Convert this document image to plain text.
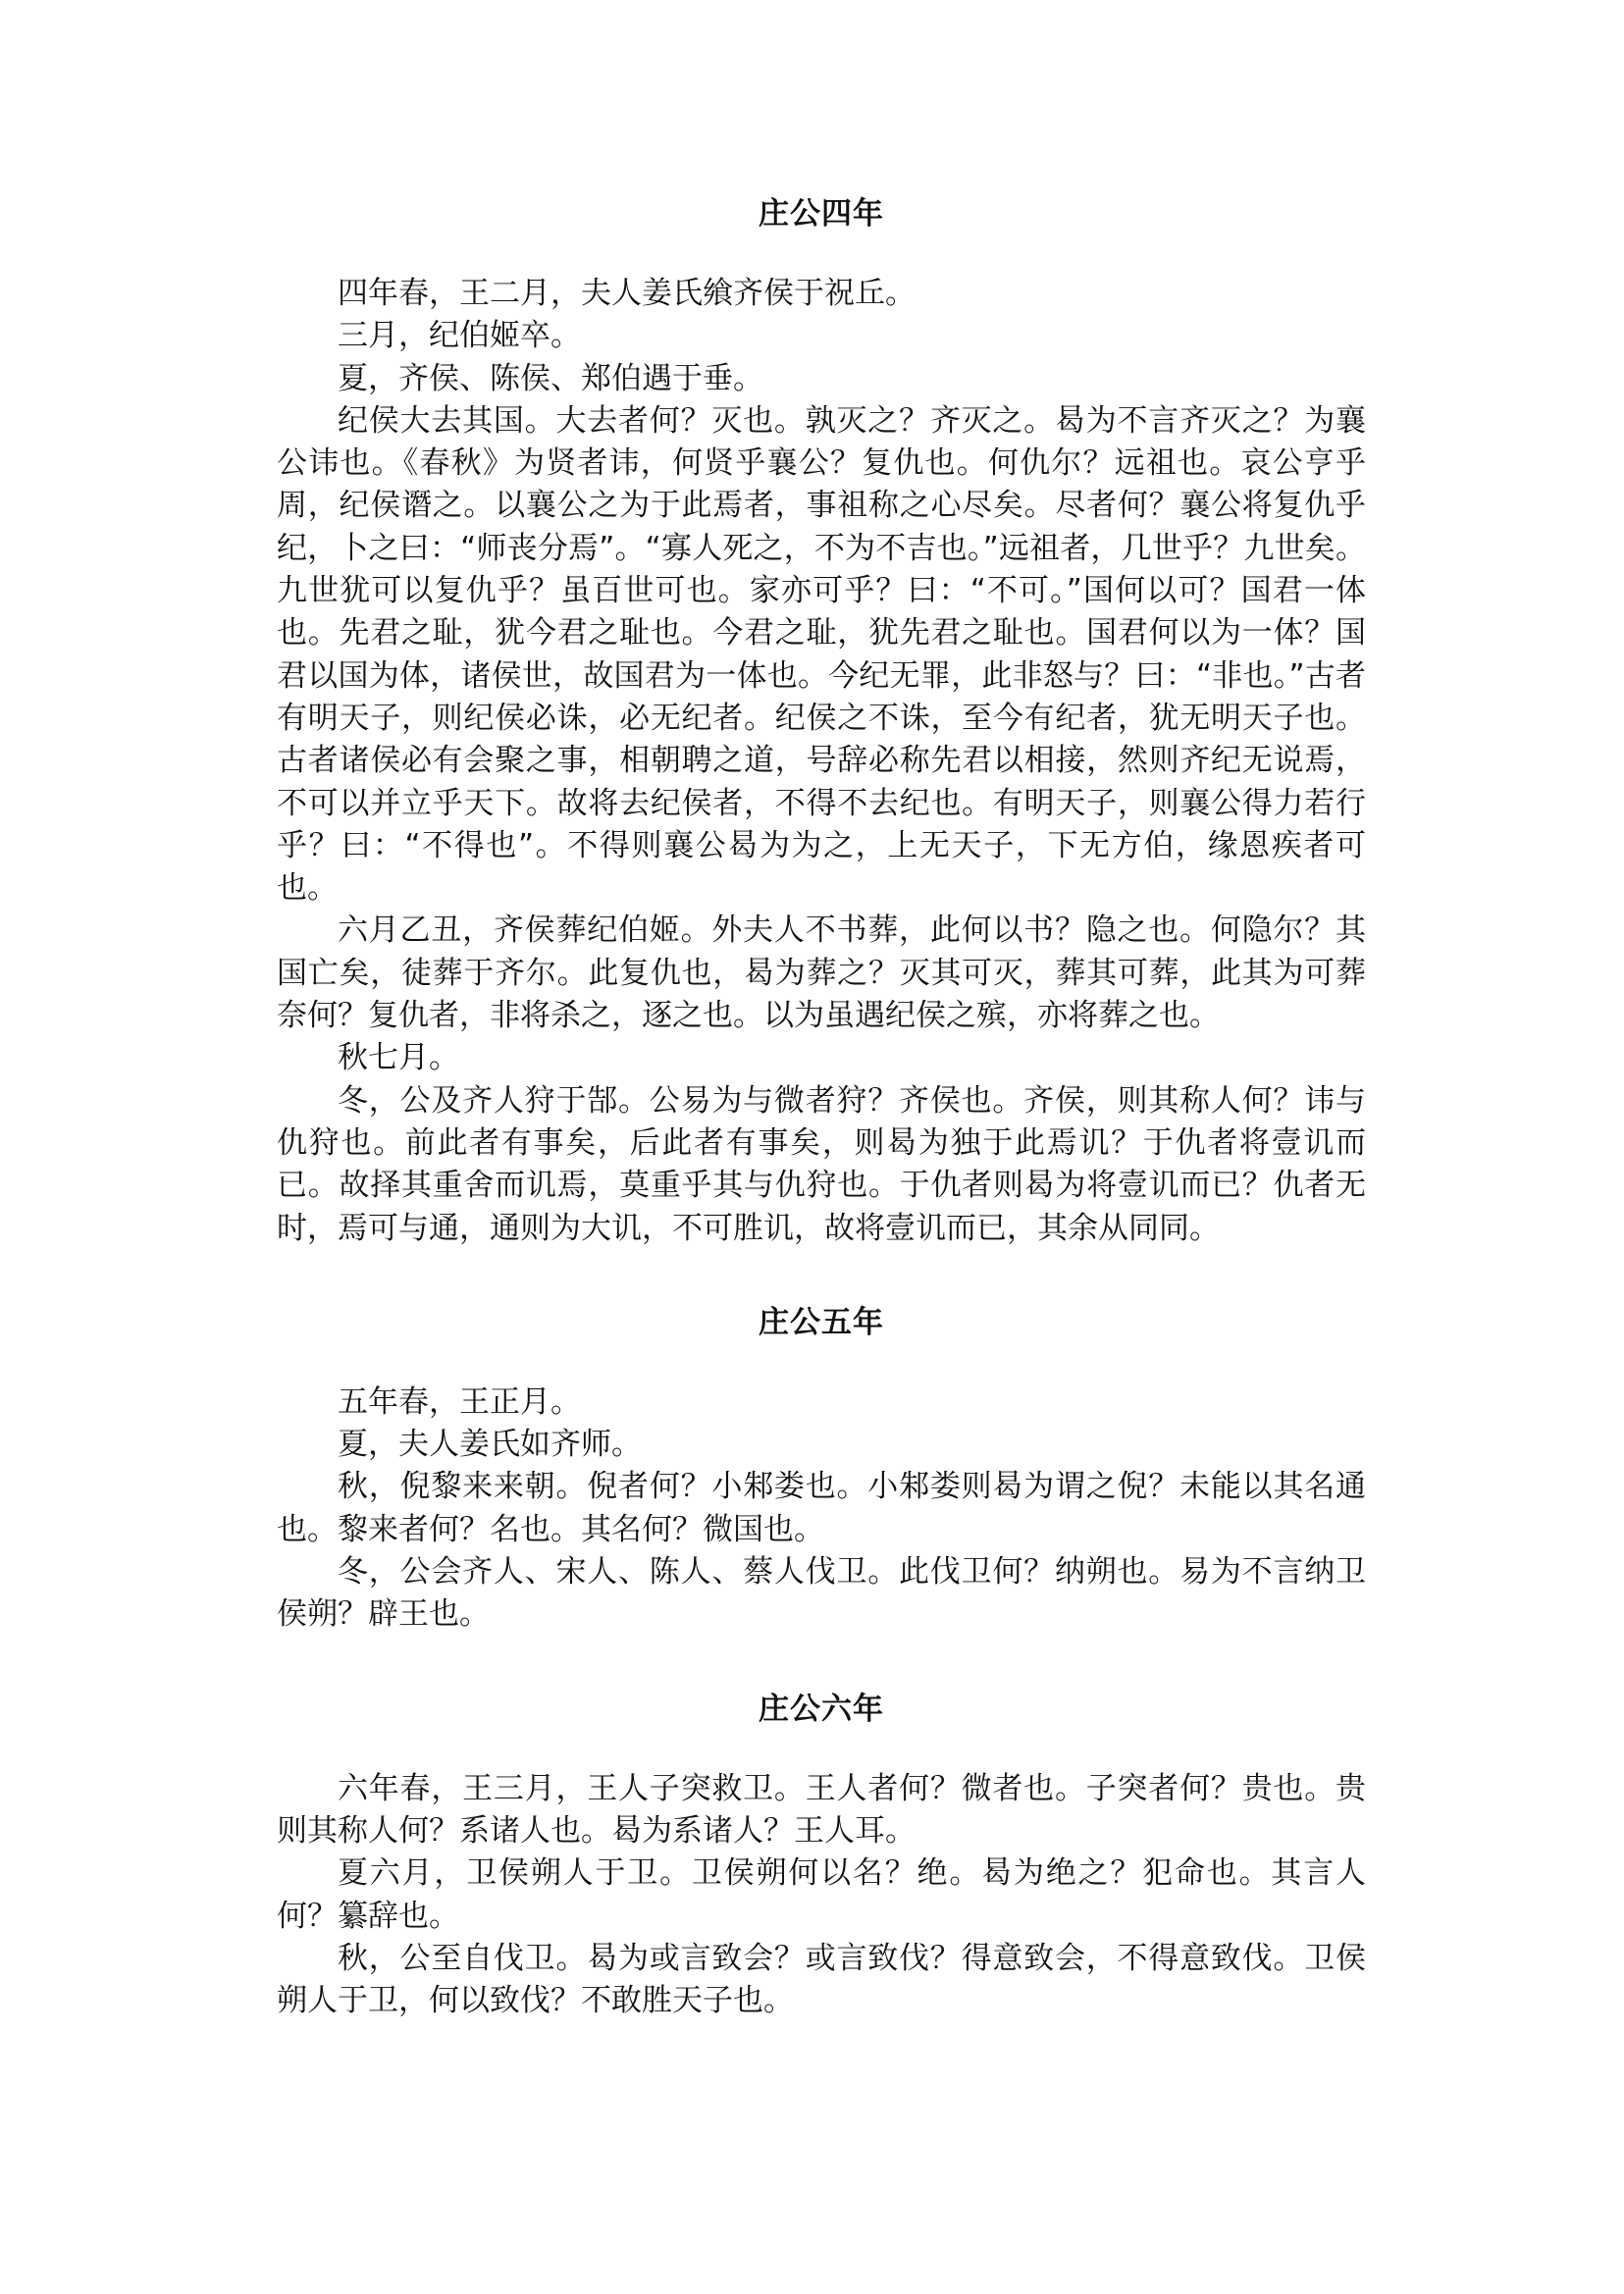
庄公四年

四年春，王二月，夫人姜氏飨齐侯于祝丘。

三月，纪伯姬卒。

夏，齐侯、陈侯、郑伯遇于垂。

纪侯大去其国。大去者何？灭也。孰灭之？齐灭之。曷为不言齐灭之？为襄公讳也。《春秋》为贤者讳，何贤乎襄公？复仇也。何仇尔？远祖也。哀公亨乎周，纪侯谮之。以襄公之为于此焉者，事祖称之心尽矣。尽者何？襄公将复仇乎纪，卜之曰：“师丧分焉”。“寡人死之，不为不吉也。”远祖者，几世乎？九世矣。九世犹可以复仇乎？虽百世可也。家亦可乎？曰：“不可。”国何以可？国君一体也。先君之耻，犹今君之耻也。今君之耻，犹先君之耻也。国君何以为一体？国君以国为体，诸侯世，故国君为一体也。今纪无罪，此非怒与？曰：“非也。”古者有明天子，则纪侯必诛，必无纪者。纪侯之不诛，至今有纪者，犹无明天子也。古者诸侯必有会聚之事，相朝聘之道，号辞必称先君以相接，然则齐纪无说焉，不可以并立乎天下。故将去纪侯者，不得不去纪也。有明天子，则襄公得力若行乎？曰：“不得也”。不得则襄公曷为为之，上无天子，下无方伯，缘恩疾者可也。

六月乙丑，齐侯葬纪伯姬。外夫人不书葬，此何以书？隐之也。何隐尔？其国亡矣，徒葬于齐尔。此复仇也，曷为葬之？灭其可灭，葬其可葬，此其为可葬奈何？复仇者，非将杀之，逐之也。以为虽遇纪侯之殡，亦将葬之也。

秋七月。

冬，公及齐人狩于郜。公易为与微者狩？齐侯也。齐侯，则其称人何？讳与仇狩也。前此者有事矣，后此者有事矣，则曷为独于此焉讥？于仇者将壹讥而已。故择其重舍而讥焉，莫重乎其与仇狩也。于仇者则曷为将壹讥而已？仇者无时，焉可与通，通则为大讥，不可胜讥，故将壹讥而已，其余从同同。

庄公五年

五年春，王正月。

夏，夫人姜氏如齐师。

秋，倪黎来来朝。倪者何？小邾娄也。小邾娄则曷为谓之倪？未能以其名通也。黎来者何？名也。其名何？微国也。

冬，公会齐人、宋人、陈人、蔡人伐卫。此伐卫何？纳朔也。易为不言纳卫侯朔？辟王也。

庄公六年

六年春，王三月，王人子突救卫。王人者何？微者也。子突者何？贵也。贵则其称人何？系诸人也。曷为系诸人？王人耳。

夏六月，卫侯朔人于卫。卫侯朔何以名？绝。曷为绝之？犯命也。其言人何？纂辞也。

秋，公至自伐卫。曷为或言致会？或言致伐？得意致会，不得意致伐。卫侯朔人于卫，何以致伐？不敢胜天子也。
